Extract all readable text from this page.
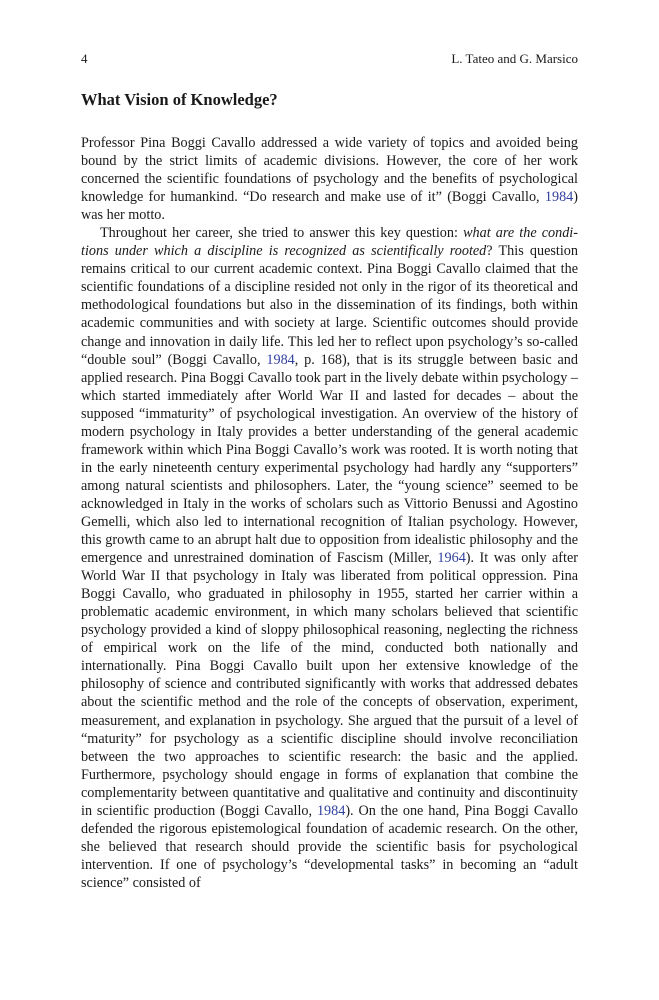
4	L. Tateo and G. Marsico
What Vision of Knowledge?

Professor Pina Boggi Cavallo addressed a wide variety of topics and avoided being bound by the strict limits of academic divisions. However, the core of her work concerned the scientific foundations of psychology and the benefits of psychological knowledge for humankind. “Do research and make use of it” (Boggi Cavallo, 1984) was her motto.

Throughout her career, she tried to answer this key question: what are the conditions under which a discipline is recognized as scientifically rooted? This question remains critical to our current academic context. Pina Boggi Cavallo claimed that the scientific foundations of a discipline resided not only in the rigor of its theoretical and methodological foundations but also in the dissemination of its findings, both within academic communities and with society at large. Scientific outcomes should provide change and innovation in daily life. This led her to reflect upon psychology’s so-called “double soul” (Boggi Cavallo, 1984, p. 168), that is its struggle between basic and applied research. Pina Boggi Cavallo took part in the lively debate within psychology – which started immediately after World War II and lasted for decades – about the supposed “immaturity” of psychological investigation. An overview of the history of modern psychology in Italy provides a better understanding of the general academic framework within which Pina Boggi Cavallo’s work was rooted. It is worth noting that in the early nineteenth century experimental psychology had hardly any “supporters” among natural scientists and philosophers. Later, the “young science” seemed to be acknowledged in Italy in the works of scholars such as Vittorio Benussi and Agostino Gemelli, which also led to international recognition of Italian psychology. However, this growth came to an abrupt halt due to opposition from idealistic philosophy and the emergence and unrestrained domination of Fascism (Miller, 1964). It was only after World War II that psychology in Italy was liberated from political oppression. Pina Boggi Cavallo, who graduated in philosophy in 1955, started her carrier within a problematic academic environment, in which many scholars believed that scientific psychology provided a kind of sloppy philosophical reasoning, neglecting the richness of empirical work on the life of the mind, conducted both nationally and internationally. Pina Boggi Cavallo built upon her extensive knowledge of the philosophy of science and contributed significantly with works that addressed debates about the scientific method and the role of the concepts of observation, experiment, measurement, and explanation in psychology. She argued that the pursuit of a level of “maturity” for psychology as a scientific discipline should involve reconciliation between the two approaches to scientific research: the basic and the applied. Furthermore, psychology should engage in forms of explanation that combine the complementarity between quantitative and qualitative and continuity and discontinuity in scientific production (Boggi Cavallo, 1984). On the one hand, Pina Boggi Cavallo defended the rigorous epistemological foundation of academic research. On the other, she believed that research should provide the scientific basis for psychological intervention. If one of psychology’s “developmental tasks” in becoming an “adult science” consisted of
